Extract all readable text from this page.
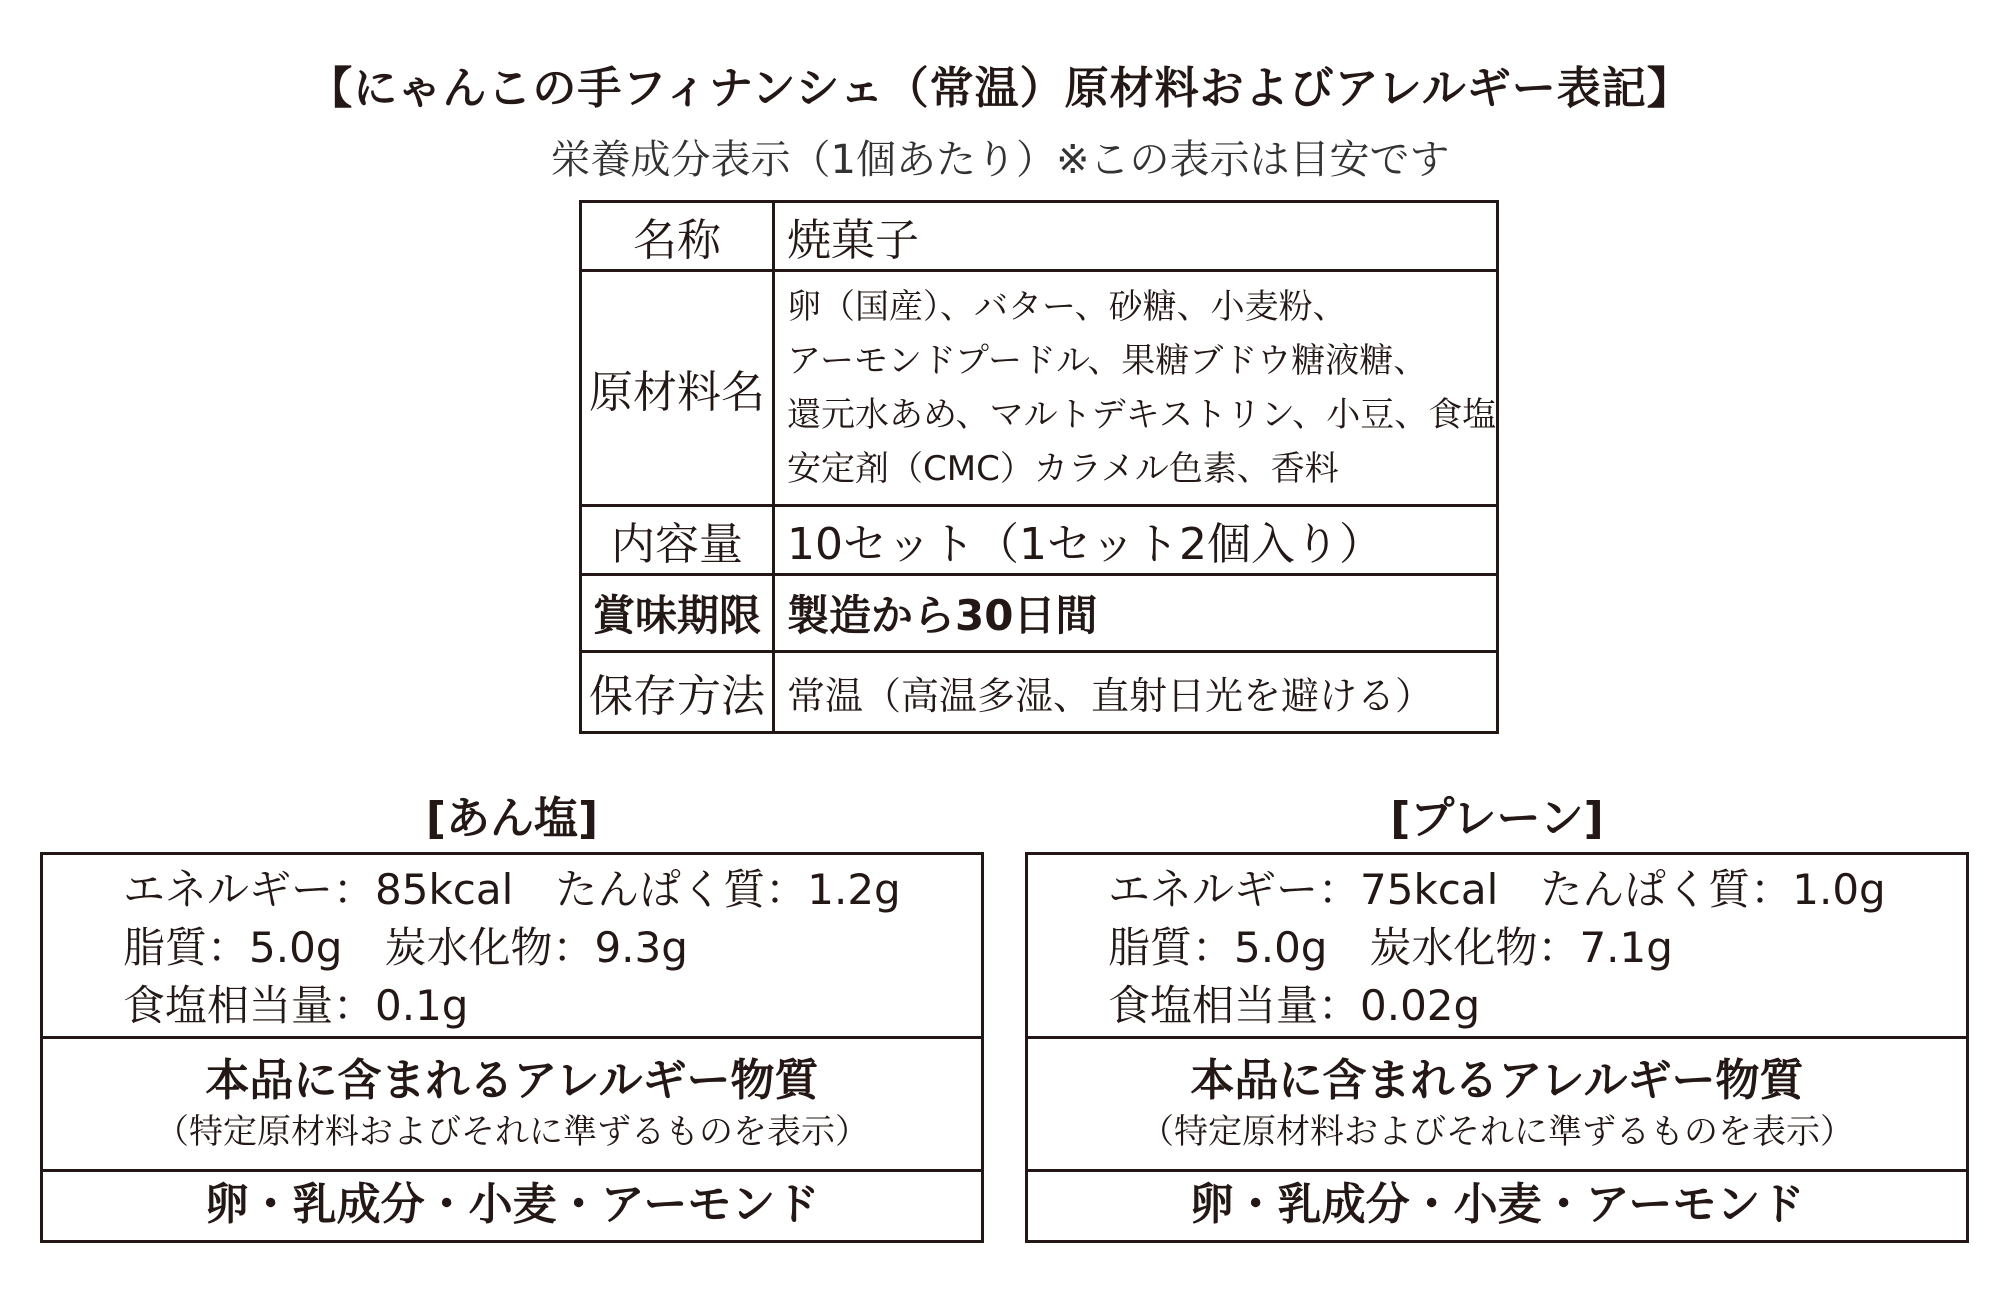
【にゃんこの手フィナンシェ（常温）原材料およびアレルギー表記】
栄養成分表示（1個あたり）※この表示は目安です
名称	焼菓子
原材料名	卵（国産）、バター、砂糖、小麦粉、
アーモンドプードル、果糖ブドウ糖液糖、
還元水あめ、マルトデキストリン、小豆、食塩
安定剤（CMC）カラメル色素、香料

内容量	10セット（1セット2個入り）
賞味期限	製造から30日間
保存方法	常温（高温多湿、直射日光を避ける）
[あん塩]
エネルギー：85kcal　たんぱく質：1.2g
脂質：5.0g　炭水化物：9.3g
食塩相当量：0.1g
本品に含まれるアレルギー物質
（特定原材料およびそれに準ずるものを表示）
卵・乳成分・小麦・アーモンド
[プレーン]
エネルギー：75kcal　たんぱく質：1.0g
脂質：5.0g　炭水化物：7.1g
食塩相当量：0.02g
本品に含まれるアレルギー物質
（特定原材料およびそれに準ずるものを表示）
卵・乳成分・小麦・アーモンド
